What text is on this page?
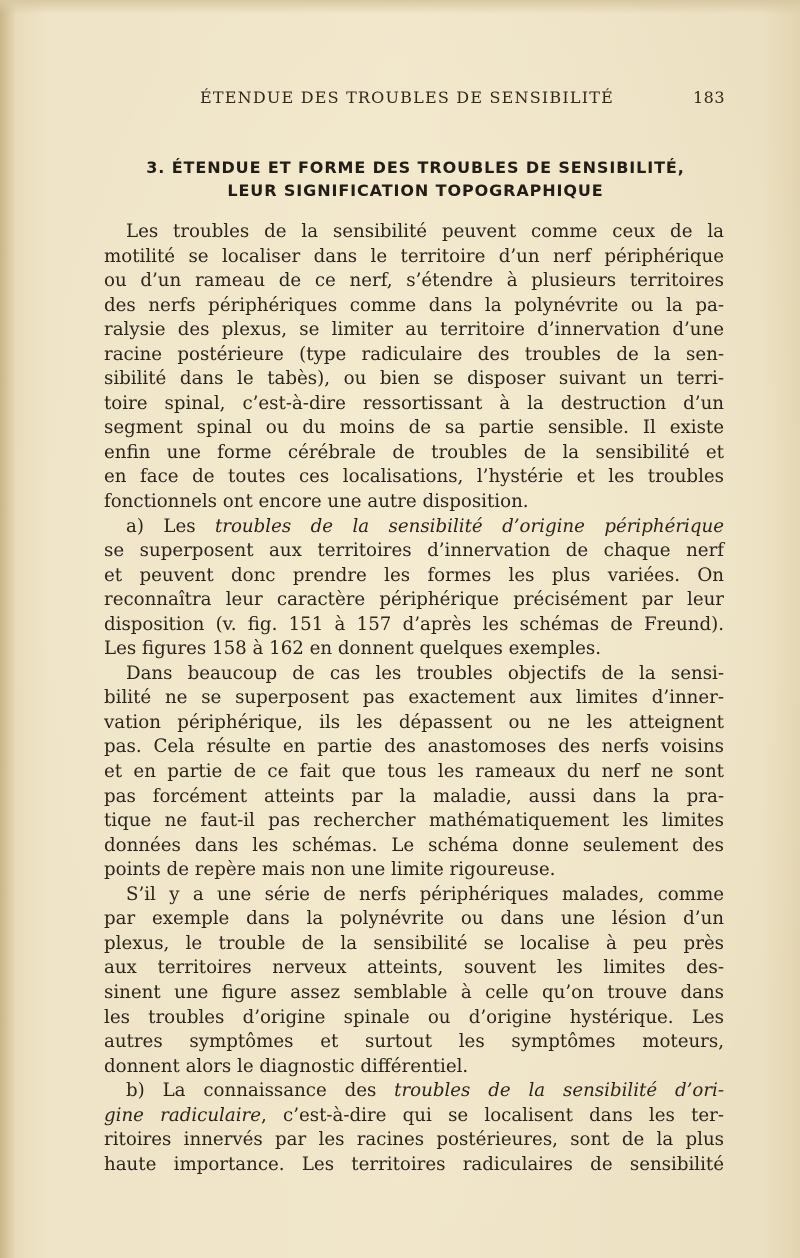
ÉTENDUE DES TROUBLES DE SENSIBILITÉ	183
3. ÉTENDUE ET FORME DES TROUBLES DE SENSIBILITÉ,
LEUR SIGNIFICATION TOPOGRAPHIQUE
Les troubles de la sensibilité peuvent comme ceux de la
motilité se localiser dans le territoire d’un nerf périphérique
ou d’un rameau de ce nerf, s’étendre à plusieurs territoires
des nerfs périphériques comme dans la polynévrite ou la pa-
ralysie des plexus, se limiter au territoire d’innervation d’une
racine postérieure (type radiculaire des troubles de la sen-
sibilité dans le tabès), ou bien se disposer suivant un terri-
toire spinal, c’est-à-dire ressortissant à la destruction d’un
segment spinal ou du moins de sa partie sensible. Il existe
enfin une forme cérébrale de troubles de la sensibilité et
en face de toutes ces localisations, l’hystérie et les troubles
fonctionnels ont encore une autre disposition.
a) Les troubles de la sensibilité d’origine périphérique
se superposent aux territoires d’innervation de chaque nerf
et peuvent donc prendre les formes les plus variées. On
reconnaîtra leur caractère périphérique précisément par leur
disposition (v. fig. 151 à 157 d’après les schémas de Freund).
Les figures 158 à 162 en donnent quelques exemples.
Dans beaucoup de cas les troubles objectifs de la sensi-
bilité ne se superposent pas exactement aux limites d’inner-
vation périphérique, ils les dépassent ou ne les atteignent
pas. Cela résulte en partie des anastomoses des nerfs voisins
et en partie de ce fait que tous les rameaux du nerf ne sont
pas forcément atteints par la maladie, aussi dans la pra-
tique ne faut-il pas rechercher mathématiquement les limites
données dans les schémas. Le schéma donne seulement des
points de repère mais non une limite rigoureuse.
S’il y a une série de nerfs périphériques malades, comme
par exemple dans la polynévrite ou dans une lésion d’un
plexus, le trouble de la sensibilité se localise à peu près
aux territoires nerveux atteints, souvent les limites des-
sinent une figure assez semblable à celle qu’on trouve dans
les troubles d’origine spinale ou d’origine hystérique. Les
autres symptômes et surtout les symptômes moteurs,
donnent alors le diagnostic différentiel.
b) La connaissance des troubles de la sensibilité d’ori-
gine radiculaire, c’est-à-dire qui se localisent dans les ter-
ritoires innervés par les racines postérieures, sont de la plus
haute importance. Les territoires radiculaires de sensibilité
